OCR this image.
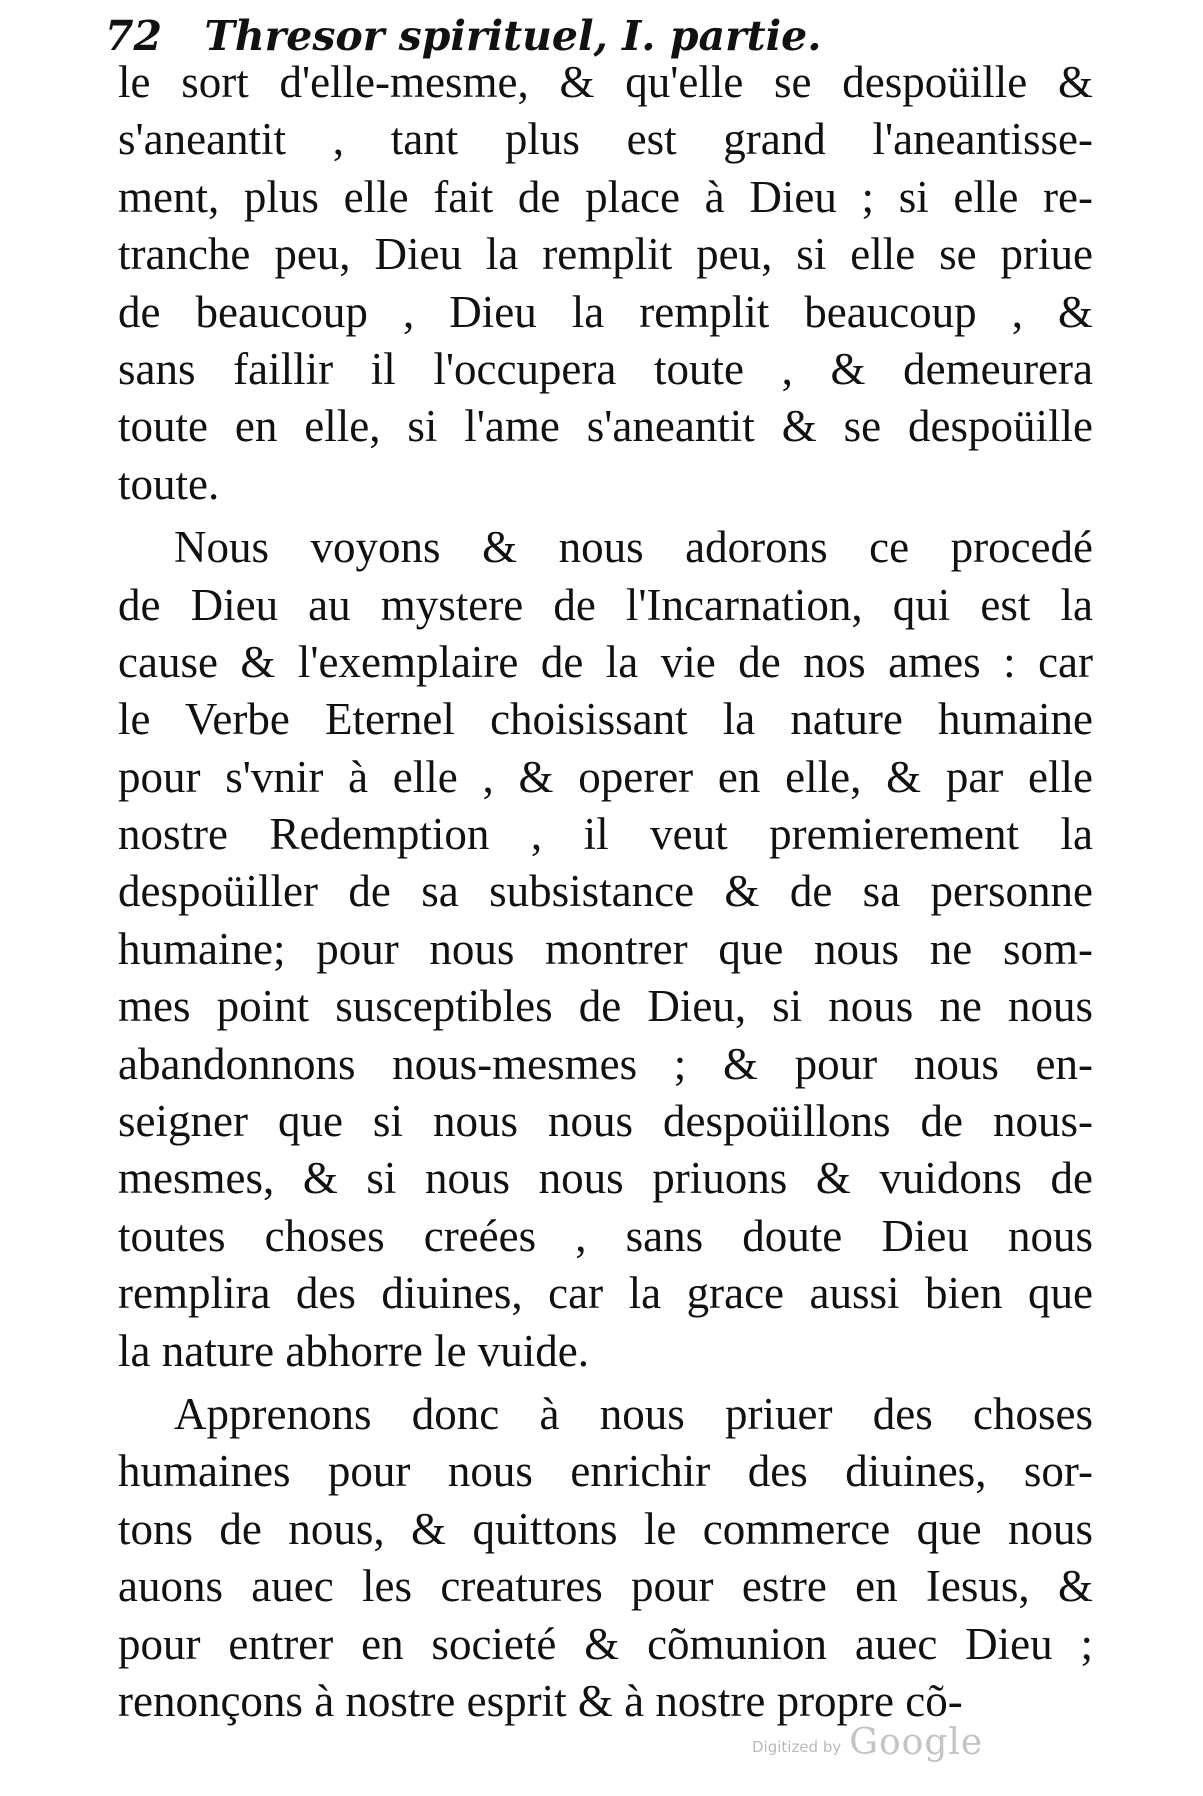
72 Thresor spirituel, I. partie.
le sort d'elle-mesme, & qu'elle se despoüille &
s'aneantit , tant plus est grand l'aneantisse-
ment, plus elle fait de place à Dieu ; si elle re-
tranche peu, Dieu la remplit peu, si elle se priue
de beaucoup , Dieu la remplit beaucoup , &
sans faillir il l'occupera toute , & demeurera
toute en elle, si l'ame s'aneantit & se despoüille
toute.
Nous voyons & nous adorons ce procedé
de Dieu au mystere de l'Incarnation, qui est la
cause & l'exemplaire de la vie de nos ames : car
le Verbe Eternel choisissant la nature humaine
pour s'vnir à elle , & operer en elle, & par elle
nostre Redemption , il veut premierement la
despoüiller de sa subsistance & de sa personne
humaine; pour nous montrer que nous ne som-
mes point susceptibles de Dieu, si nous ne nous
abandonnons nous-mesmes ; & pour nous en-
seigner que si nous nous despoüillons de nous-
mesmes, & si nous nous priuons & vuidons de
toutes choses creées , sans doute Dieu nous
remplira des diuines, car la grace aussi bien que
la nature abhorre le vuide.
Apprenons donc à nous priuer des choses
humaines pour nous enrichir des diuines, sor-
tons de nous, & quittons le commerce que nous
auons auec les creatures pour estre en Iesus, &
pour entrer en societé & cõmunion auec Dieu ;
renonçons à nostre esprit & à nostre propre cõ-
Digitized by Google
